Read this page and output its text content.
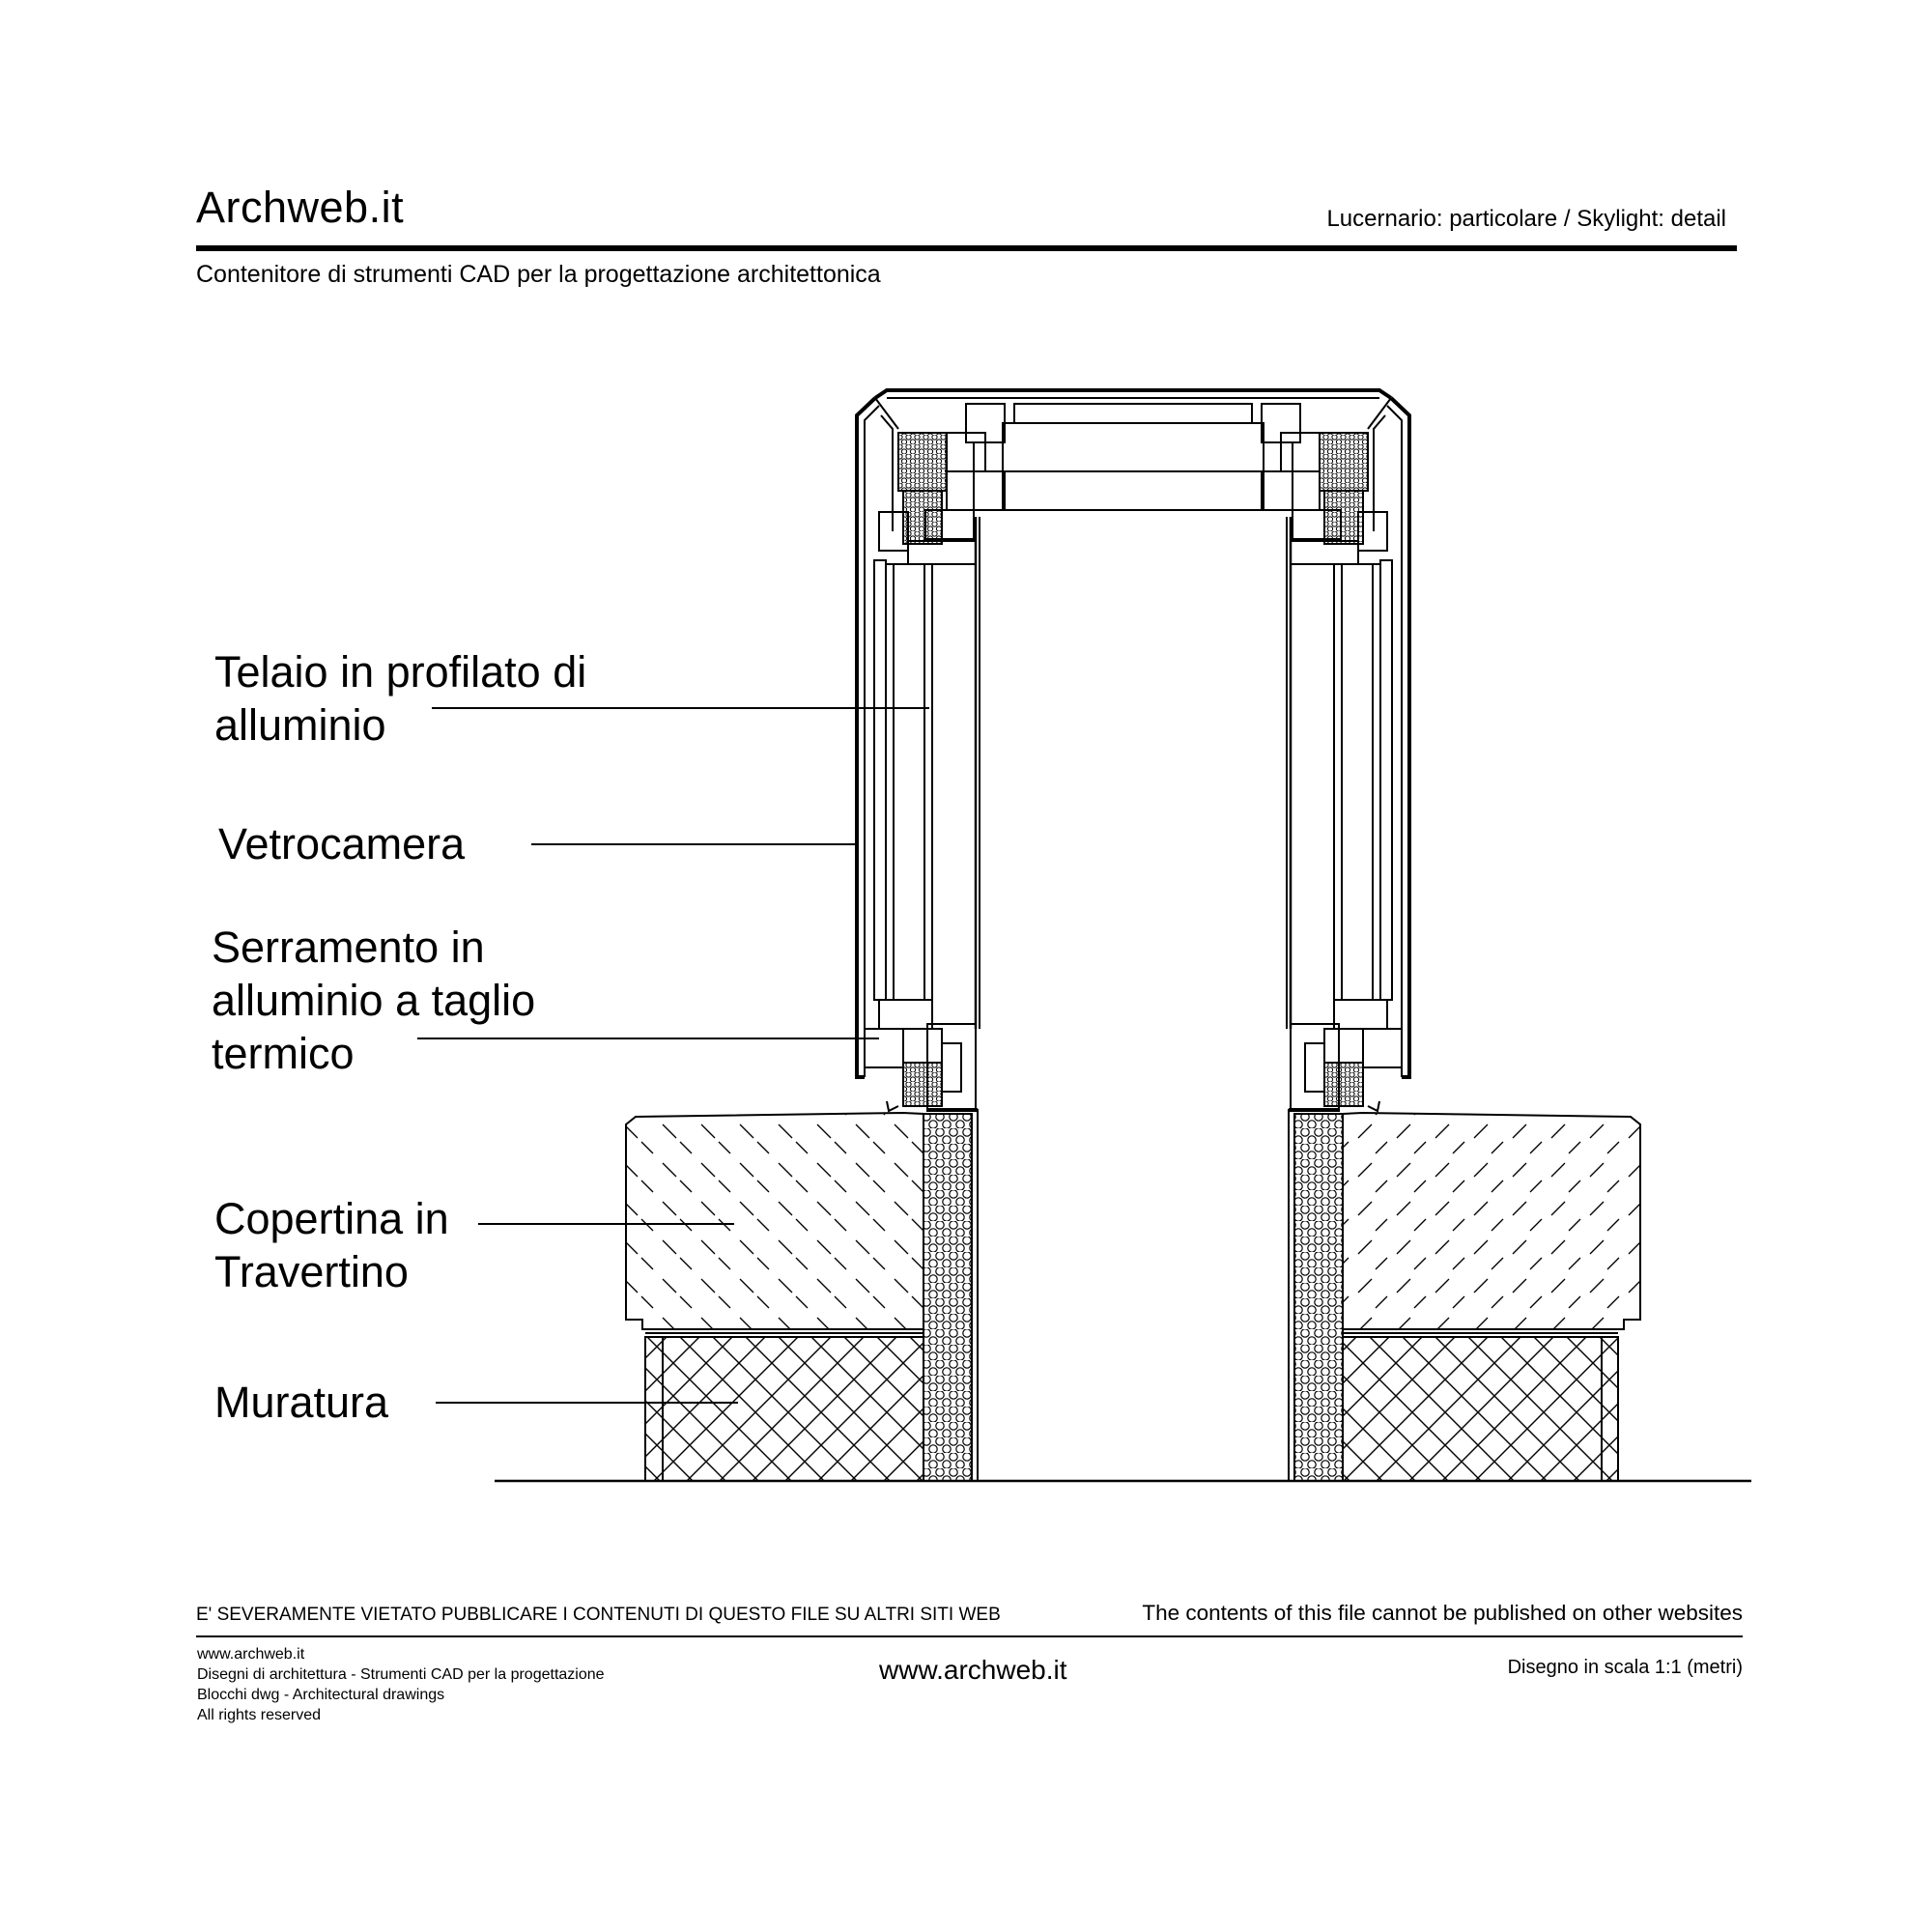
Archweb.it	Lucernario: particolare / Skylight: detail
Contenitore di strumenti CAD per la progettazione architettonica
Telaio in profilato di
alluminio
Vetrocamera
Serramento in
alluminio a taglio
termico
Copertina in
Travertino
Muratura
E' SEVERAMENTE VIETATO PUBBLICARE I CONTENUTI DI QUESTO FILE SU ALTRI SITI WEB	The contents of this file cannot be published on other websites
www.archweb.it
Disegni di architettura - Strumenti CAD per la progettazione
Blocchi dwg - Architectural drawings
All rights reserved
www.archweb.it	Disegno in scala 1:1 (metri)
